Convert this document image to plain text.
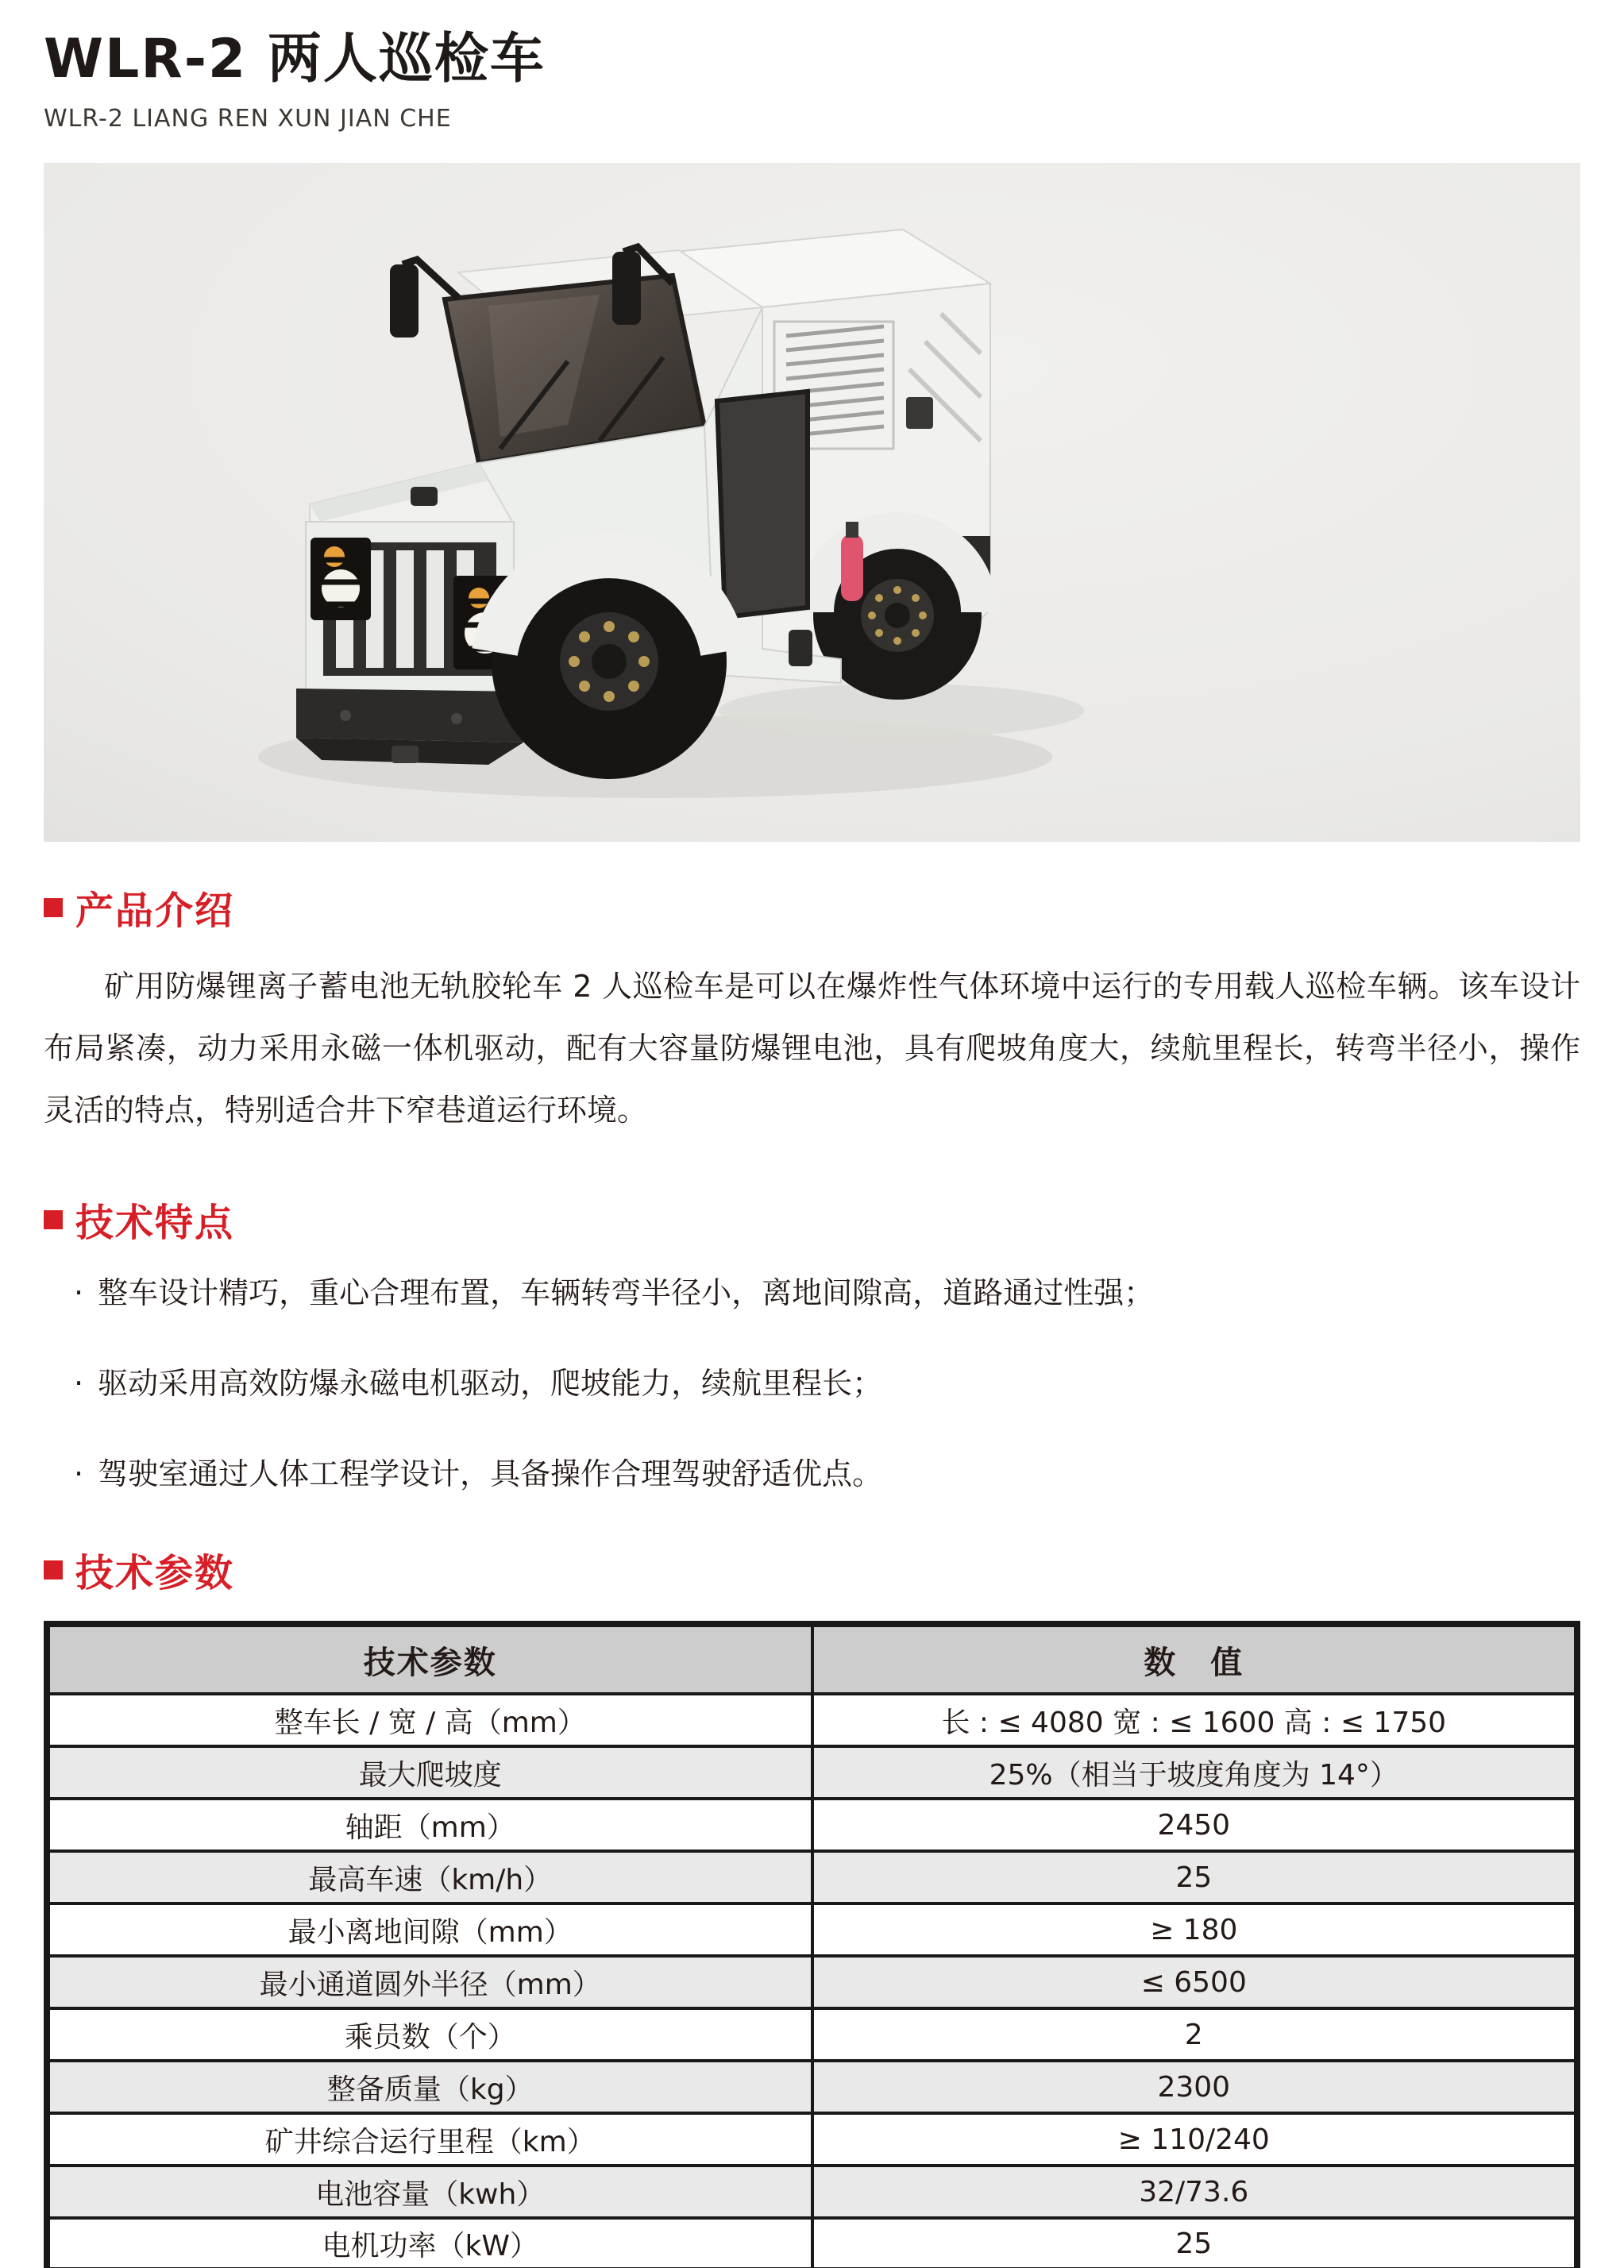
WLR-2 两人巡检车
WLR-2 LIANG REN XUN JIAN CHE
产品介绍

矿用防爆锂离子蓄电池无轨胶轮车 2 人巡检车是可以在爆炸性气体环境中运行的专用载人巡检车辆。该车设计布局紧凑，动力采用永磁一体机驱动，配有大容量防爆锂电池，具有爬坡角度大，续航里程长，转弯半径小，操作灵活的特点，特别适合井下窄巷道运行环境。

技术特点
· 整车设计精巧，重心合理布置，车辆转弯半径小，离地间隙高，道路通过性强；
· 驱动采用高效防爆永磁电机驱动，爬坡能力，续航里程长；
· 驾驶室通过人体工程学设计，具备操作合理驾驶舒适优点。
技术参数
技术参数	数　值
整车长 / 宽 / 高（mm）	长 : ≤ 4080 宽 : ≤ 1600 高 : ≤ 1750
最大爬坡度	25%（相当于坡度角度为 14°）
轴距（mm）	2450
最高车速（km/h）	25
最小离地间隙（mm）	≥ 180
最小通道圆外半径（mm）	≤ 6500
乘员数（个）	2
整备质量（kg）	2300
矿井综合运行里程（km）	≥ 110/240
电池容量（kwh）	32/73.6
电机功率（kW）	25
